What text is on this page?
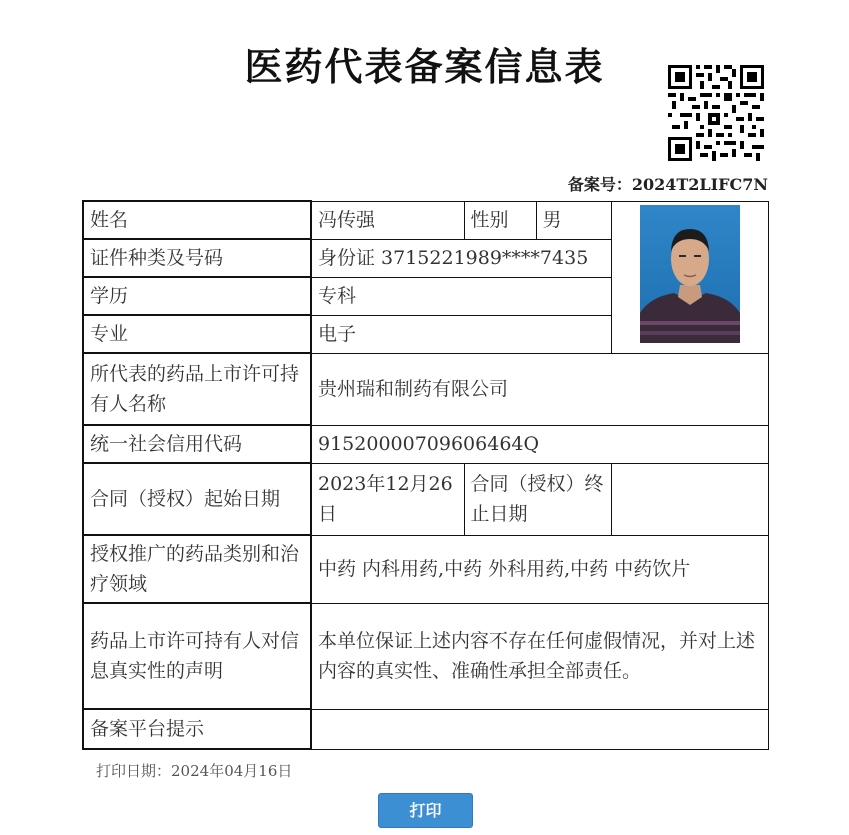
医药代表备案信息表
备案号：2024T2LIFC7N
姓名	冯传强	性别	男	

证件种类及号码	身份证 3715221989****7435			
学历	专科			
专业	电子			
所代表的药品上市许可持有人名称	贵州瑞和制药有限公司			
统一社会信用代码	91520000709606464Q			
合同（授权）起始日期	2023年12月26日	合同（授权）终止日期		
授权推广的药品类别和治疗领域	中药 内科用药,中药 外科用药,中药 中药饮片			
药品上市许可持有人对信息真实性的声明	本单位保证上述内容不存在任何虚假情况，并对上述内容的真实性、准确性承担全部责任。			
备案平台提示				
打印日期：2024年04月16日
打印
